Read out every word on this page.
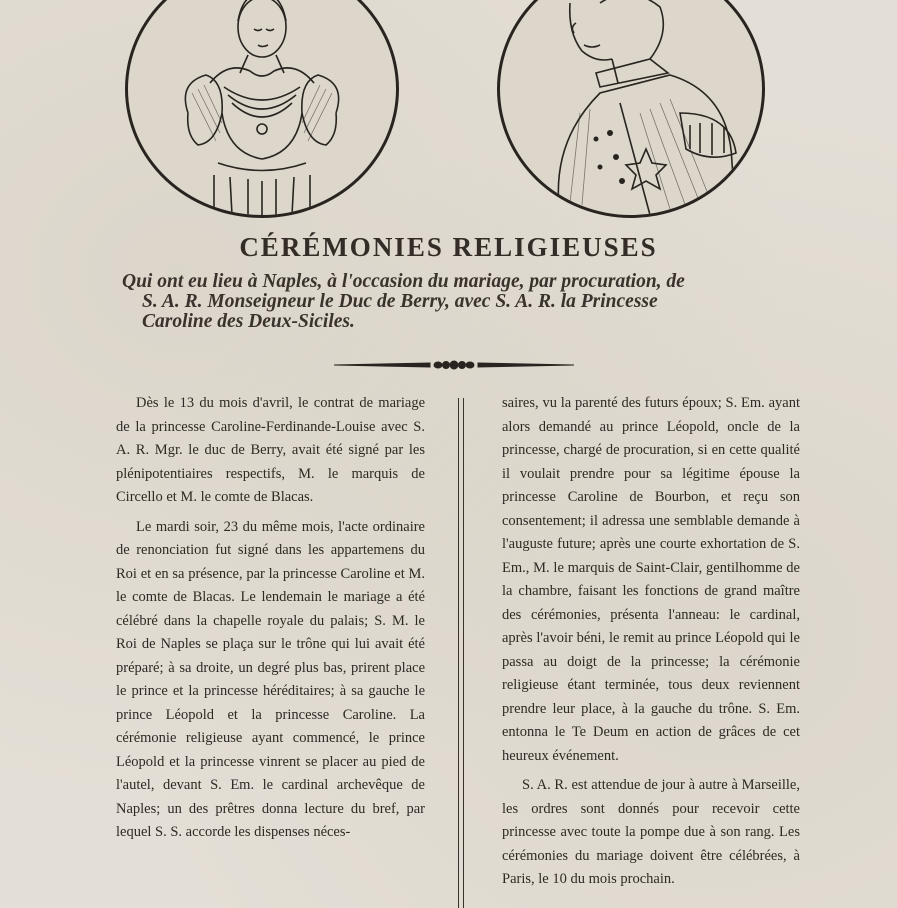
CÉRÉMONIES RELIGIEUSES
Qui ont eu lieu à Naples, à l'occasion du mariage, par procuration, de
S. A. R. Monseigneur le Duc de Berry, avec S. A. R. la Princesse
Caroline des Deux-Siciles.

Dès le 13 du mois d'avril, le contrat de mariage de la princesse Caroline-Ferdinande-Louise avec S. A. R. Mgr. le duc de Berry, avait été signé par les plénipotentiaires respectifs, M. le marquis de Circello et M. le comte de Blacas.

Le mardi soir, 23 du même mois, l'acte ordinaire de renonciation fut signé dans les appartemens du Roi et en sa présence, par la princesse Caroline et M. le comte de Blacas. Le lendemain le mariage a été célébré dans la chapelle royale du palais; S. M. le Roi de Naples se plaça sur le trône qui lui avait été préparé; à sa droite, un degré plus bas, prirent place le prince et la princesse héréditaires; à sa gauche le prince Léopold et la princesse Caroline. La cérémonie religieuse ayant commencé, le prince Léopold et la princesse vinrent se placer au pied de l'autel, devant S. Em. le cardinal archevêque de Naples; un des prêtres donna lecture du bref, par lequel S. S. accorde les dispenses néces-

saires, vu la parenté des futurs époux; S. Em. ayant alors demandé au prince Léopold, oncle de la princesse, chargé de procuration, si en cette qualité il voulait prendre pour sa légitime épouse la princesse Caroline de Bourbon, et reçu son consentement; il adressa une semblable demande à l'auguste future; après une courte exhortation de S. Em., M. le marquis de Saint-Clair, gentilhomme de la chambre, faisant les fonctions de grand maître des cérémonies, présenta l'anneau: le cardinal, après l'avoir béni, le remit au prince Léopold qui le passa au doigt de la princesse; la cérémonie religieuse étant terminée, tous deux reviennent prendre leur place, à la gauche du trône. S. Em. entonna le Te Deum en action de grâces de cet heureux événement.

S. A. R. est attendue de jour à autre à Marseille, les ordres sont donnés pour recevoir cette princesse avec toute la pompe due à son rang. Les cérémonies du mariage doivent être célébrées, à Paris, le 10 du mois prochain.
